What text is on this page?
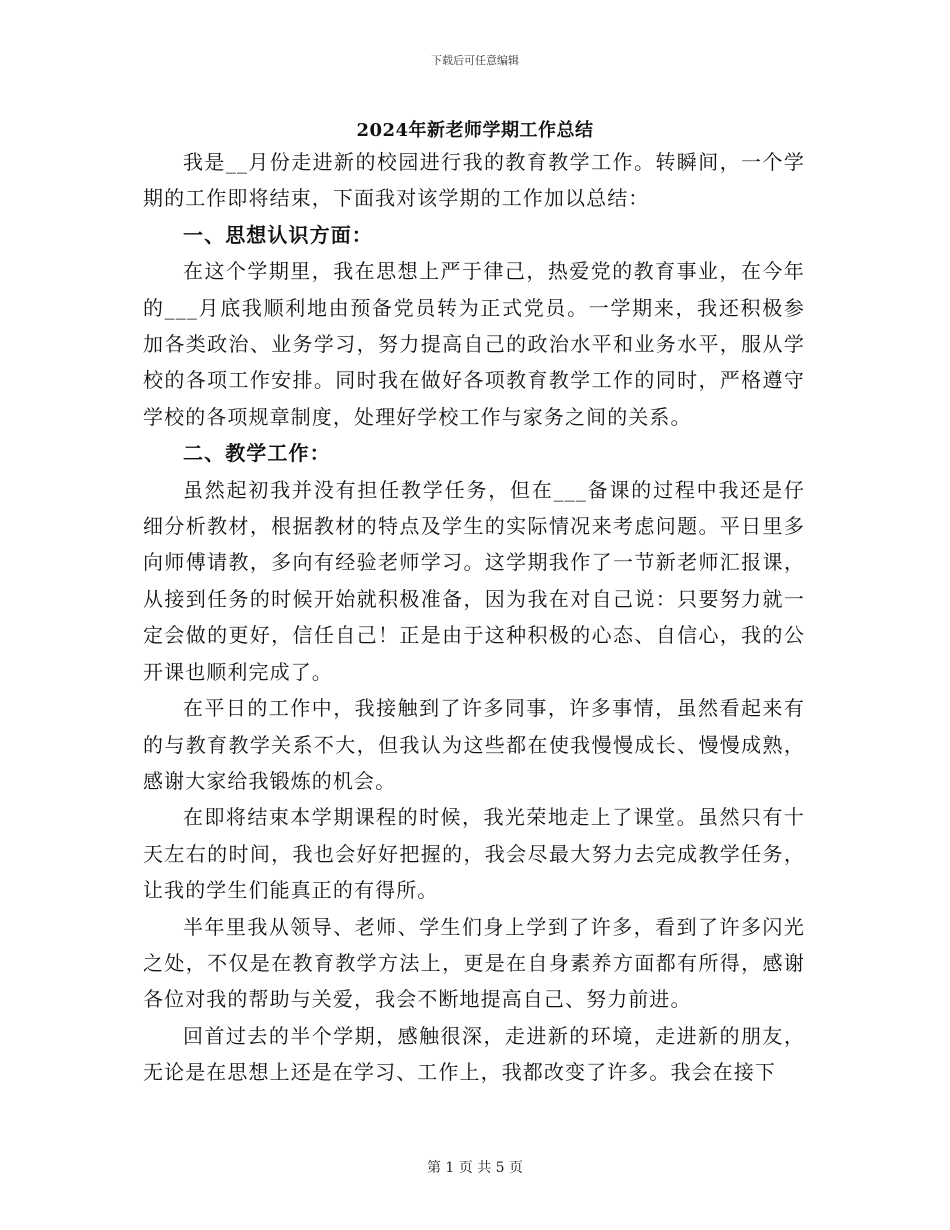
下载后可任意编辑
2024年新老师学期工作总结

我是__月份走进新的校园进行我的教育教学工作。转瞬间，一个学期的工作即将结束，下面我对该学期的工作加以总结：

一、思想认识方面：

在这个学期里，我在思想上严于律己，热爱党的教育事业，在今年的___月底我顺利地由预备党员转为正式党员。一学期来，我还积极参加各类政治、业务学习，努力提高自己的政治水平和业务水平，服从学校的各项工作安排。同时我在做好各项教育教学工作的同时，严格遵守学校的各项规章制度，处理好学校工作与家务之间的关系。

二、教学工作：

虽然起初我并没有担任教学任务，但在___备课的过程中我还是仔细分析教材，根据教材的特点及学生的实际情况来考虑问题。平日里多向师傅请教，多向有经验老师学习。这学期我作了一节新老师汇报课，从接到任务的时候开始就积极准备，因为我在对自己说：只要努力就一定会做的更好，信任自己！正是由于这种积极的心态、自信心，我的公开课也顺利完成了。

在平日的工作中，我接触到了许多同事，许多事情，虽然看起来有的与教育教学关系不大，但我认为这些都在使我慢慢成长、慢慢成熟，感谢大家给我锻炼的机会。

在即将结束本学期课程的时候，我光荣地走上了课堂。虽然只有十天左右的时间，我也会好好把握的，我会尽最大努力去完成教学任务，让我的学生们能真正的有得所。

半年里我从领导、老师、学生们身上学到了许多，看到了许多闪光之处，不仅是在教育教学方法上，更是在自身素养方面都有所得，感谢各位对我的帮助与关爱，我会不断地提高自己、努力前进。

回首过去的半个学期，感触很深，走进新的环境，走进新的朋友，无论是在思想上还是在学习、工作上，我都改变了许多。我会在接下

第 1 页 共 5 页
